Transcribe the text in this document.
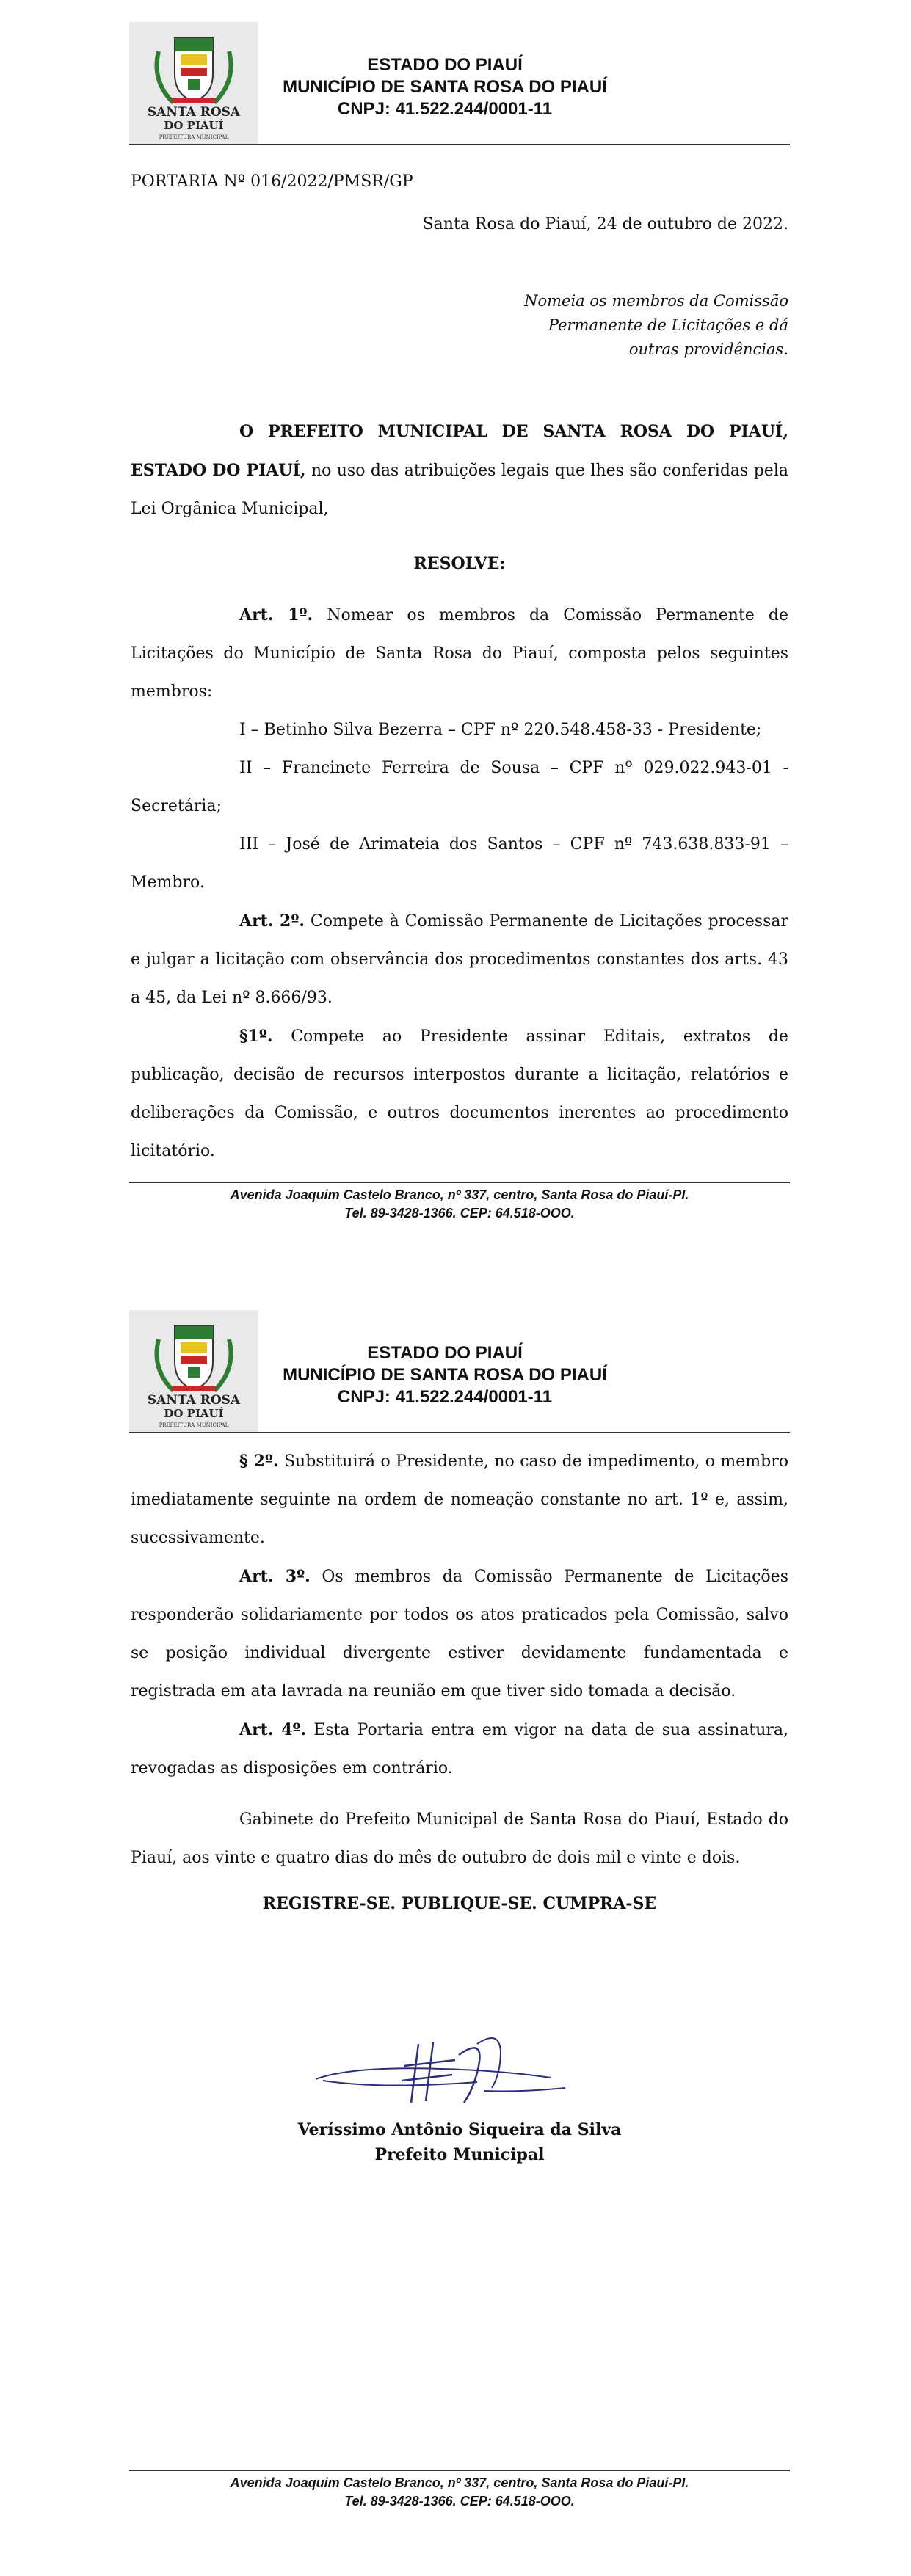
SANTA ROSA
DO PIAUÍ
PREFEITURA MUNICIPAL
ESTADO DO PIAUÍ
MUNICÍPIO DE SANTA ROSA DO PIAUÍ
CNPJ: 41.522.244/0001-11
PORTARIA Nº 016/2022/PMSR/GP
Santa Rosa do Piauí, 24 de outubro de 2022.
Nomeia os membros da Comissão Permanente de Licitações e dá outras providências.

O PREFEITO MUNICIPAL DE SANTA ROSA DO PIAUÍ, ESTADO DO PIAUÍ, no uso das atribuições legais que lhes são conferidas pela Lei Orgânica Municipal,

RESOLVE:

Art. 1º. Nomear os membros da Comissão Permanente de Licitações do Município de Santa Rosa do Piauí, composta pelos seguintes membros:

I – Betinho Silva Bezerra – CPF nº 220.548.458-33 - Presidente;

II – Francinete Ferreira de Sousa – CPF nº 029.022.943-01 - Secretária;

III – José de Arimateia dos Santos – CPF nº 743.638.833-91 – Membro.

Art. 2º. Compete à Comissão Permanente de Licitações processar e julgar a licitação com observância dos procedimentos constantes dos arts. 43 a 45, da Lei nº 8.666/93.

§1º. Compete ao Presidente assinar Editais, extratos de publicação, decisão de recursos interpostos durante a licitação, relatórios e deliberações da Comissão, e outros documentos inerentes ao procedimento licitatório.

Avenida Joaquim Castelo Branco, nº 337, centro, Santa Rosa do Piauí-PI.
Tel. 89-3428-1366. CEP: 64.518-OOO.
SANTA ROSA
DO PIAUÍ
PREFEITURA MUNICIPAL
ESTADO DO PIAUÍ
MUNICÍPIO DE SANTA ROSA DO PIAUÍ
CNPJ: 41.522.244/0001-11

§ 2º. Substituirá o Presidente, no caso de impedimento, o membro imediatamente seguinte na ordem de nomeação constante no art. 1º e, assim, sucessivamente.

Art. 3º. Os membros da Comissão Permanente de Licitações responderão solidariamente por todos os atos praticados pela Comissão, salvo se posição individual divergente estiver devidamente fundamentada e registrada em ata lavrada na reunião em que tiver sido tomada a decisão.

Art. 4º. Esta Portaria entra em vigor na data de sua assinatura, revogadas as disposições em contrário.

Gabinete do Prefeito Municipal de Santa Rosa do Piauí, Estado do Piauí, aos vinte e quatro dias do mês de outubro de dois mil e vinte e dois.

REGISTRE-SE. PUBLIQUE-SE. CUMPRA-SE

Veríssimo Antônio Siqueira da Silva
Prefeito Municipal
Avenida Joaquim Castelo Branco, nº 337, centro, Santa Rosa do Piauí-PI.
Tel. 89-3428-1366. CEP: 64.518-OOO.
